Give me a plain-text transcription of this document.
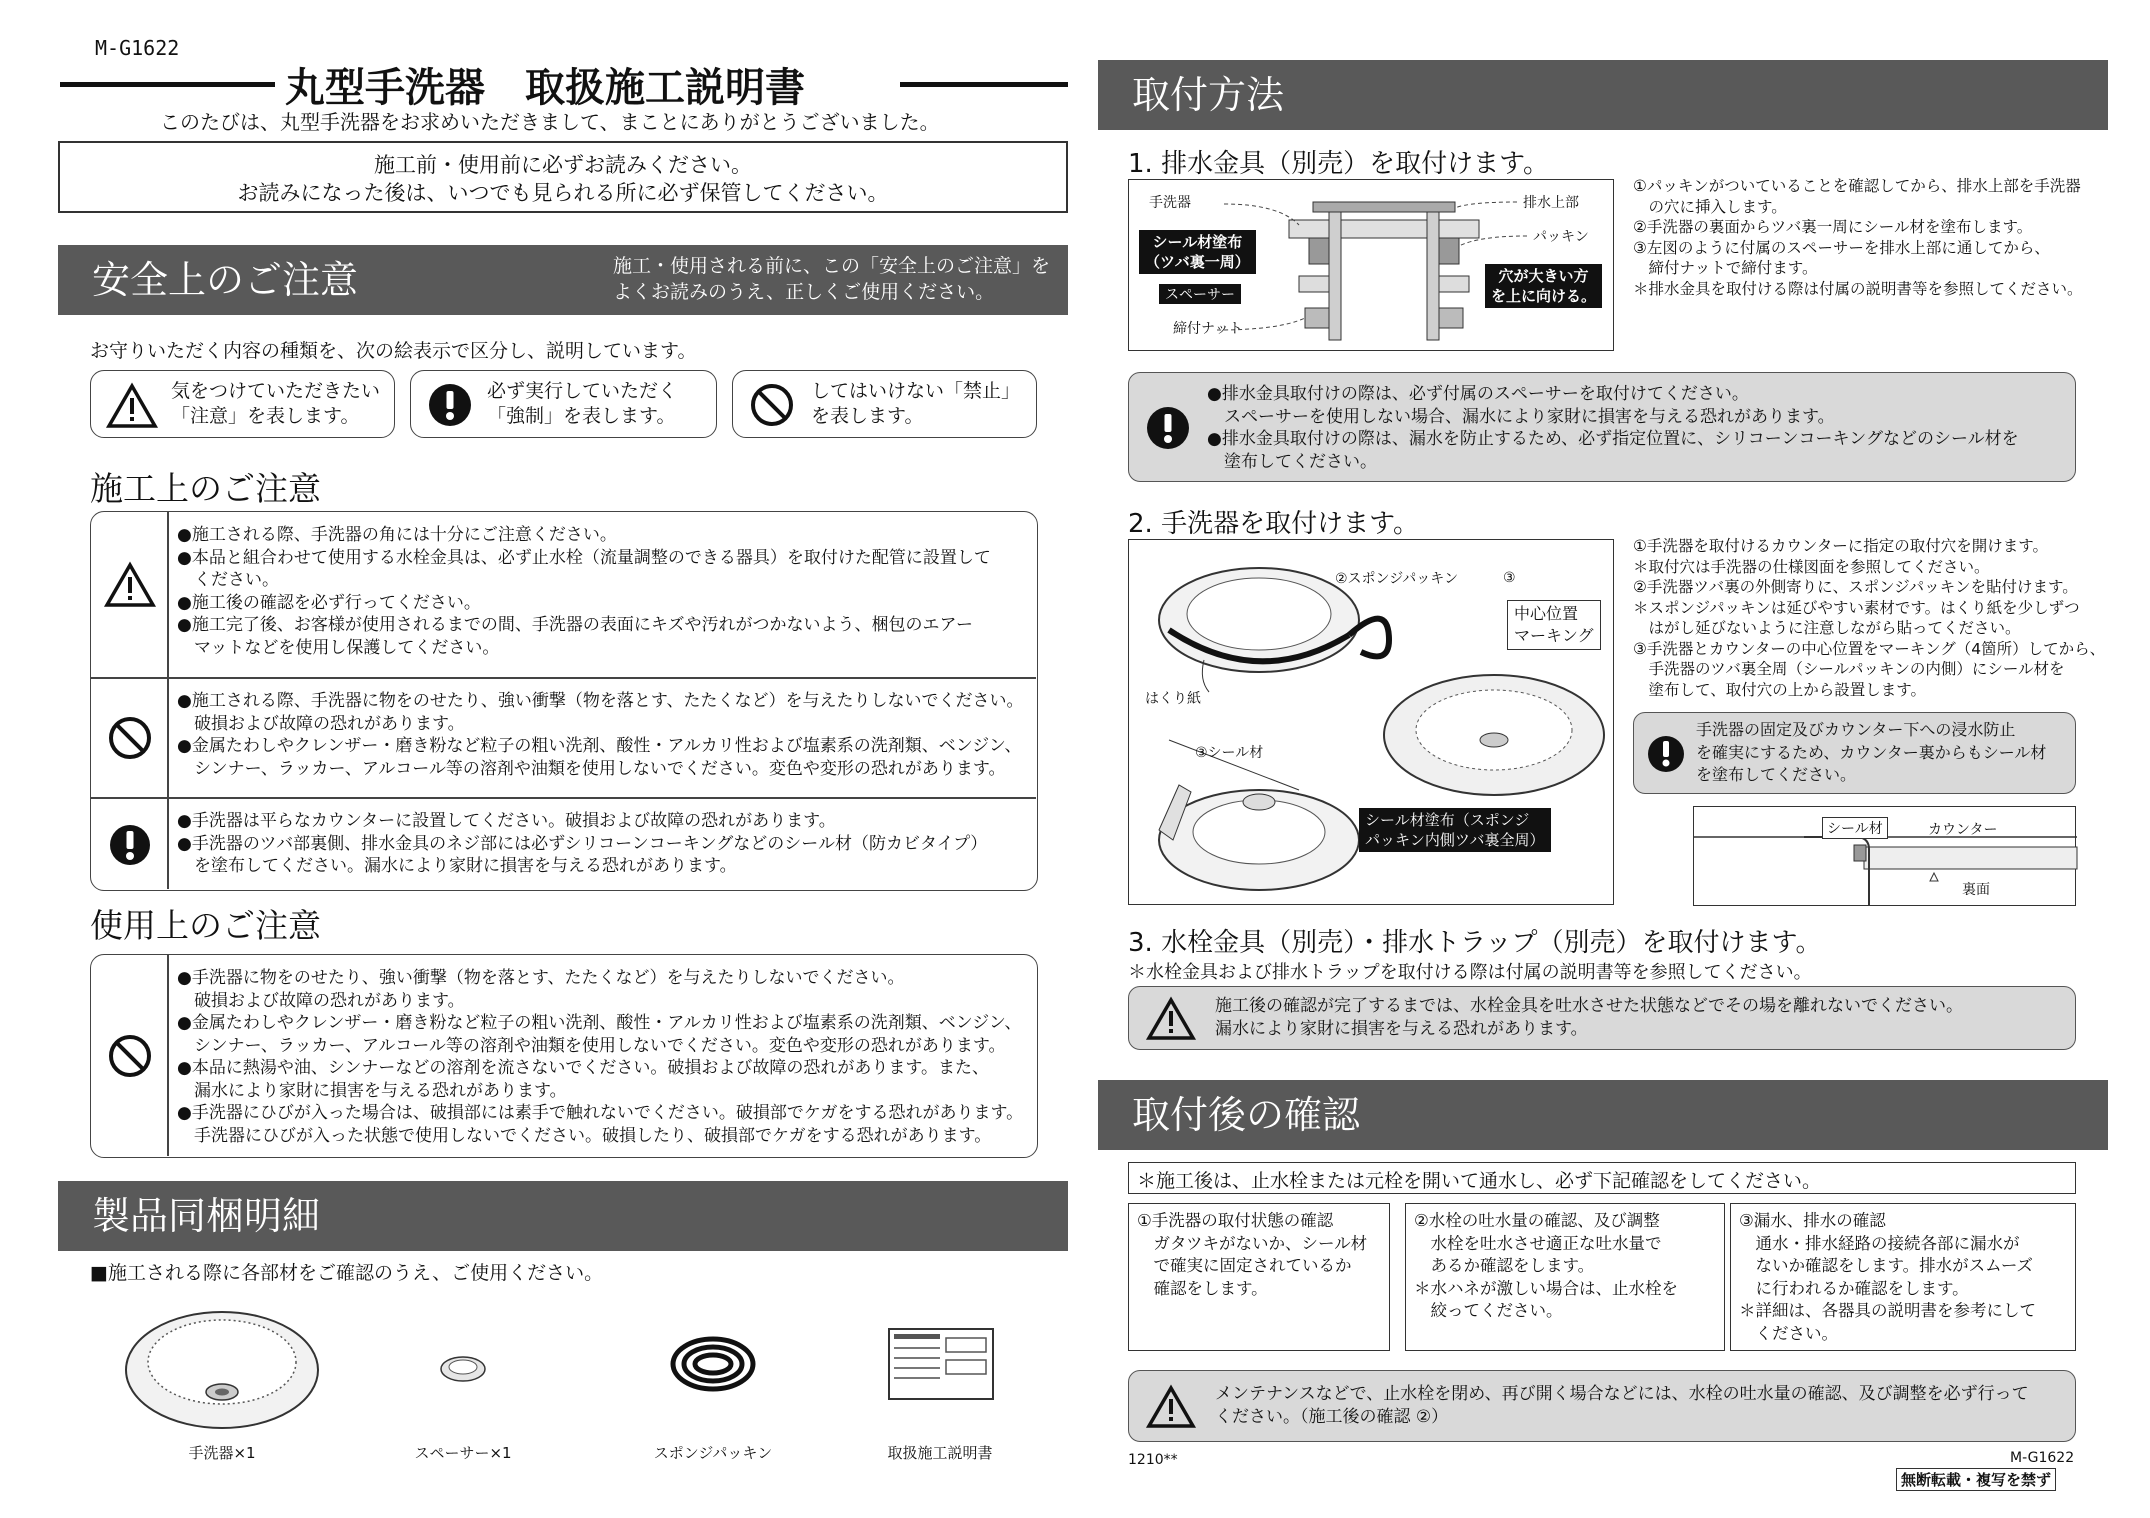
M-G1622
丸型手洗器　取扱施工説明書
このたびは、丸型手洗器をお求めいただきまして、まことにありがとうございました。
施工前・使用前に必ずお読みください。
お読みになった後は、いつでも見られる所に必ず保管してください。
安全上のご注意	施工・使用される前に、この「安全上のご注意」を
よくお読みのうえ、正しくご使用ください。
お守りいただく内容の種類を、次の絵表示で区分し、説明しています。
気をつけていただきたい
「注意」を表します。
必ず実行していただく
「強制」を表します。
してはいけない「禁止」
を表します。
施工上のご注意
●施工される際、手洗器の角には十分にご注意ください。
●本品と組合わせて使用する水栓金具は、必ず止水栓（流量調整のできる器具）を取付けた配管に設置して
　ください。
●施工後の確認を必ず行ってください。
●施工完了後、お客様が使用されるまでの間、手洗器の表面にキズや汚れがつかないよう、梱包のエアー
　マットなどを使用し保護してください。
●施工される際、手洗器に物をのせたり、強い衝撃（物を落とす、たたくなど）を与えたりしないでください。
　破損および故障の恐れがあります。
●金属たわしやクレンザー・磨き粉など粒子の粗い洗剤、酸性・アルカリ性および塩素系の洗剤類、ベンジン、
　シンナー、ラッカー、アルコール等の溶剤や油類を使用しないでください。変色や変形の恐れがあります。
●手洗器は平らなカウンターに設置してください。破損および故障の恐れがあります。
●手洗器のツバ部裏側、排水金具のネジ部には必ずシリコーンコーキングなどのシール材（防カビタイプ）
　を塗布してください。漏水により家財に損害を与える恐れがあります。
使用上のご注意
●手洗器に物をのせたり、強い衝撃（物を落とす、たたくなど）を与えたりしないでください。
　破損および故障の恐れがあります。
●金属たわしやクレンザー・磨き粉など粒子の粗い洗剤、酸性・アルカリ性および塩素系の洗剤類、ベンジン、
　シンナー、ラッカー、アルコール等の溶剤や油類を使用しないでください。変色や変形の恐れがあります。
●本品に熱湯や油、シンナーなどの溶剤を流さないでください。破損および故障の恐れがあります。また、
　漏水により家財に損害を与える恐れがあります。
●手洗器にひびが入った場合は、破損部には素手で触れないでください。破損部でケガをする恐れがあります。
　手洗器にひびが入った状態で使用しないでください。破損したり、破損部でケガをする恐れがあります。
製品同梱明細
■施工される際に各部材をご確認のうえ、ご使用ください。
手洗器×1	スペーサー×1	スポンジパッキン	取扱施工説明書
取付方法
1. 排水金具（別売）を取付けます。
手洗器
シール材塗布
（ツバ裏一周）
スペーサー
締付ナット
排水上部
パッキン
穴が大きい方
を上に向ける。
①パッキンがついていることを確認してから、排水上部を手洗器
　の穴に挿入します。
②手洗器の裏面からツバ裏一周にシール材を塗布します。
③左図のように付属のスペーサーを排水上部に通してから、
　締付ナットで締付ます。
＊排水金具を取付ける際は付属の説明書等を参照してください。
●排水金具取付けの際は、必ず付属のスペーサーを取付けてください。
　スペーサーを使用しない場合、漏水により家財に損害を与える恐れがあります。
●排水金具取付けの際は、漏水を防止するため、必ず指定位置に、シリコーンコーキングなどのシール材を
　塗布してください。
2. 手洗器を取付けます。
②スポンジパッキン	③
中心位置
マーキング
はくり紙
③シール材
シール材塗布（スポンジ
パッキン内側ツバ裏全周）
①手洗器を取付けるカウンターに指定の取付穴を開けます。
＊取付穴は手洗器の仕様図面を参照してください。
②手洗器ツバ裏の外側寄りに、スポンジパッキンを貼付けます。
＊スポンジパッキンは延びやすい素材です。はくり紙を少しずつ
　はがし延びないように注意しながら貼ってください。
③手洗器とカウンターの中心位置をマーキング（4箇所）してから、
　手洗器のツバ裏全周（シールパッキンの内側）にシール材を
　塗布して、取付穴の上から設置します。
手洗器の固定及びカウンター下への浸水防止
を確実にするため、カウンター裏からもシール材
を塗布してください。
シール材	カウンター
裏面
3. 水栓金具（別売）・排水トラップ（別売）を取付けます。
＊水栓金具および排水トラップを取付ける際は付属の説明書等を参照してください。
施工後の確認が完了するまでは、水栓金具を吐水させた状態などでその場を離れないでください。
漏水により家財に損害を与える恐れがあります。
取付後の確認
＊施工後は、止水栓または元栓を開いて通水し、必ず下記確認をしてください。
①手洗器の取付状態の確認
　ガタツキがないか、シール材
　で確実に固定されているか
　確認をします。
②水栓の吐水量の確認、及び調整
　水栓を吐水させ適正な吐水量で
　あるか確認をします。
＊水ハネが激しい場合は、止水栓を
　絞ってください。
③漏水、排水の確認
　通水・排水経路の接続各部に漏水が
　ないか確認をします。排水がスムーズ
　に行われるか確認をします。
＊詳細は、各器具の説明書を参考にして
　ください。
メンテナンスなどで、止水栓を閉め、再び開く場合などには、水栓の吐水量の確認、及び調整を必ず行って
ください。（施工後の確認 ②）
1210**	M-G1622
無断転載・複写を禁ず
